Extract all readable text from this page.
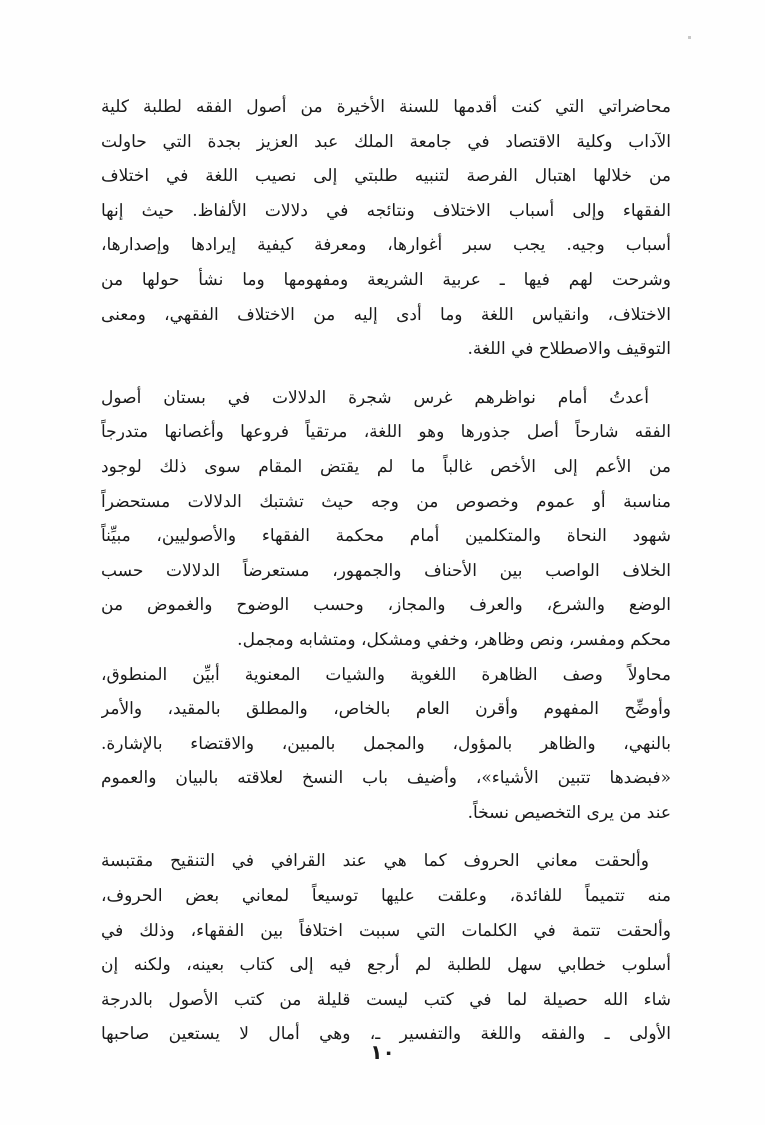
محاضراتي التي كنت أقدمها للسنة الأخيرة من أصول الفقه لطلبة كلية
الآداب وكلية الاقتصاد في جامعة الملك عبد العزيز بجدة التي حاولت
من خلالها اهتبال الفرصة لتنبيه طلبتي إلى نصيب اللغة في اختلاف
الفقهاء وإلى أسباب الاختلاف ونتائجه في دلالات الألفاظ. حيث إنها
أسباب وجيه. يجب سبر أغوارها، ومعرفة كيفية إيرادها وإصدارها،
وشرحت لهم فيها ـ عربية الشريعة ومفهومها وما نشأ حولها من
الاختلاف، وانقياس اللغة وما أدى إليه من الاختلاف الفقهي، ومعنى
التوقيف والاصطلاح في اللغة.
أعدتُ أمام نواظرهم غرس شجرة الدلالات في بستان أصول
الفقه شارحاً أصل جذورها وهو اللغة، مرتقياً فروعها وأغصانها متدرجاً
من الأعم إلى الأخص غالباً ما لم يقتض المقام سوى ذلك لوجود
مناسبة أو عموم وخصوص من وجه حيث تشتبك الدلالات مستحضراً
شهود النحاة والمتكلمين أمام محكمة الفقهاء والأصوليين، مبيِّناً
الخلاف الواصب بين الأحناف والجمهور، مستعرضاً الدلالات حسب
الوضع والشرع، والعرف والمجاز، وحسب الوضوح والغموض من
محكم ومفسر، ونص وظاهر، وخفي ومشكل، ومتشابه ومجمل.
محاولاً وصف الظاهرة اللغوية والشيات المعنوية أبيِّن المنطوق،
وأوضِّح المفهوم وأقرن العام بالخاص، والمطلق بالمقيد، والأمر
بالنهي، والظاهر بالمؤول، والمجمل بالمبين، والاقتضاء بالإشارة.
«فبضدها تتبين الأشياء»، وأضيف باب النسخ لعلاقته بالبيان والعموم
عند من يرى التخصيص نسخاً.
وألحقت معاني الحروف كما هي عند القرافي في التنقيح مقتبسة
منه تتميماً للفائدة، وعلقت عليها توسيعاً لمعاني بعض الحروف،
وألحقت تتمة في الكلمات التي سببت اختلافاً بين الفقهاء، وذلك في
أسلوب خطابي سهل للطلبة لم أرجع فيه إلى كتاب بعينه، ولكنه إن
شاء الله حصيلة لما في كتب ليست قليلة من كتب الأصول بالدرجة
الأولى ـ والفقه واللغة والتفسير ـ، وهي أمال لا يستعين صاحبها
١٠
